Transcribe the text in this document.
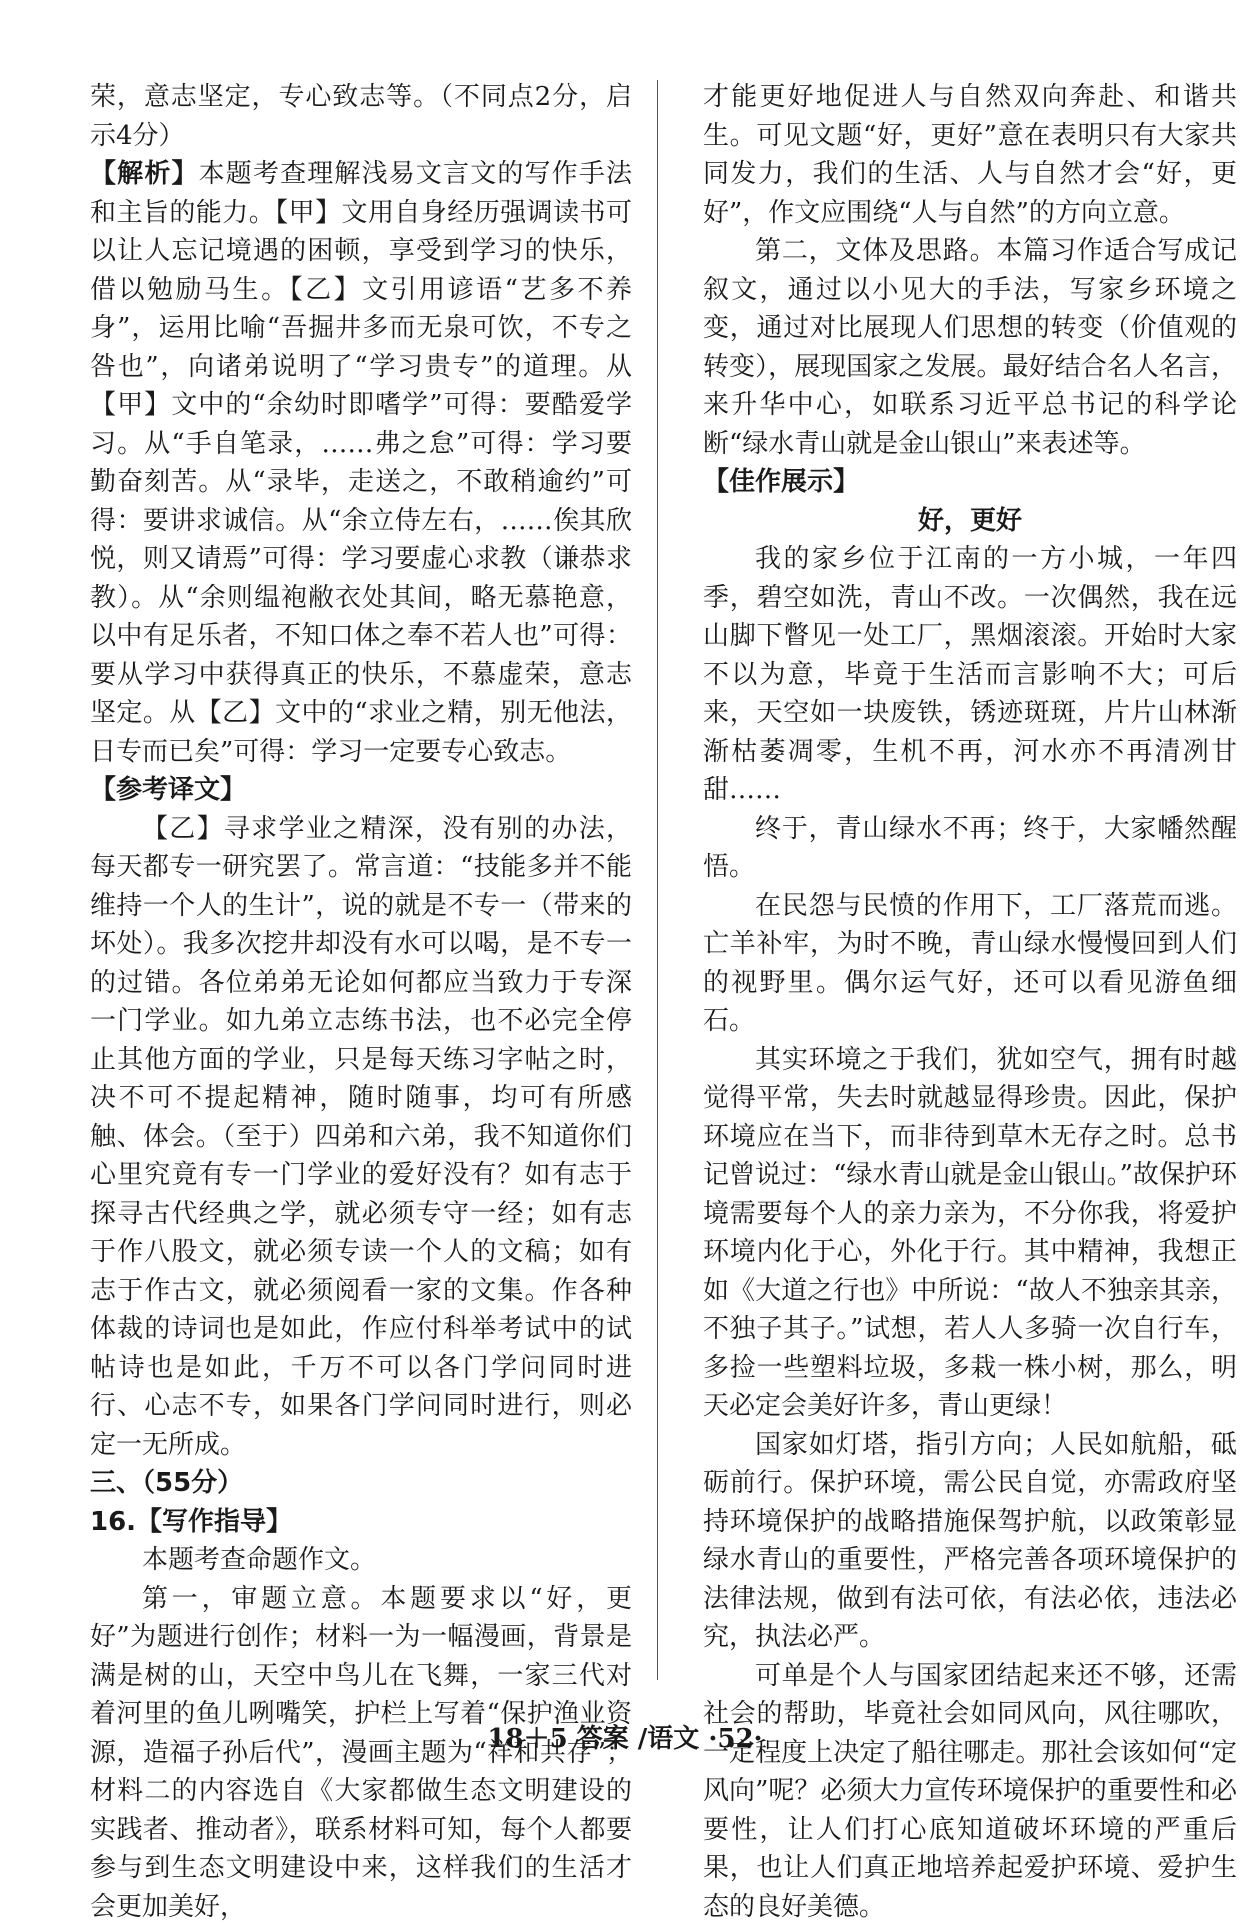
荣，意志坚定，专心致志等。（不同点2分，启示4分）

【解析】本题考查理解浅易文言文的写作手法和主旨的能力。【甲】文用自身经历强调读书可以让人忘记境遇的困顿，享受到学习的快乐，借以勉励马生。【乙】文引用谚语“艺多不养身”，运用比喻“吾掘井多而无泉可饮，不专之咎也”，向诸弟说明了“学习贵专”的道理。从【甲】文中的“余幼时即嗜学”可得：要酷爱学习。从“手自笔录，……弗之怠”可得：学习要勤奋刻苦。从“录毕，走送之，不敢稍逾约”可得：要讲求诚信。从“余立侍左右，……俟其欣悦，则又请焉”可得：学习要虚心求教（谦恭求教）。从“余则缊袍敝衣处其间，略无慕艳意，以中有足乐者，不知口体之奉不若人也”可得：要从学习中获得真正的快乐，不慕虚荣，意志坚定。从【乙】文中的“求业之精，别无他法，日专而已矣”可得：学习一定要专心致志。

【参考译文】

【乙】寻求学业之精深，没有别的办法，每天都专一研究罢了。常言道：“技能多并不能维持一个人的生计”，说的就是不专一（带来的坏处）。我多次挖井却没有水可以喝，是不专一的过错。各位弟弟无论如何都应当致力于专深一门学业。如九弟立志练书法，也不必完全停止其他方面的学业，只是每天练习字帖之时，决不可不提起精神，随时随事，均可有所感触、体会。（至于）四弟和六弟，我不知道你们心里究竟有专一门学业的爱好没有？如有志于探寻古代经典之学，就必须专守一经；如有志于作八股文，就必须专读一个人的文稿；如有志于作古文，就必须阅看一家的文集。作各种体裁的诗词也是如此，作应付科举考试中的试帖诗也是如此，千万不可以各门学问同时进行、心志不专，如果各门学问同时进行，则必定一无所成。

三、（55分）

16.【写作指导】

本题考查命题作文。

第一，审题立意。本题要求以“好，更好”为题进行创作；材料一为一幅漫画，背景是满是树的山，天空中鸟儿在飞舞，一家三代对着河里的鱼儿咧嘴笑，护栏上写着“保护渔业资源，造福子孙后代”，漫画主题为“祥和共存”；材料二的内容选自《大家都做生态文明建设的实践者、推动者》，联系材料可知，每个人都要参与到生态文明建设中来，这样我们的生活才会更加美好，

才能更好地促进人与自然双向奔赴、和谐共生。可见文题“好，更好”意在表明只有大家共同发力，我们的生活、人与自然才会“好，更好”，作文应围绕“人与自然”的方向立意。

第二，文体及思路。本篇习作适合写成记叙文，通过以小见大的手法，写家乡环境之变，通过对比展现人们思想的转变（价值观的转变），展现国家之发展。最好结合名人名言，来升华中心，如联系习近平总书记的科学论断“绿水青山就是金山银山”来表述等。

【佳作展示】

好，更好

我的家乡位于江南的一方小城，一年四季，碧空如洗，青山不改。一次偶然，我在远山脚下瞥见一处工厂，黑烟滚滚。开始时大家不以为意，毕竟于生活而言影响不大；可后来，天空如一块废铁，锈迹斑斑，片片山林渐渐枯萎凋零，生机不再，河水亦不再清冽甘甜……

终于，青山绿水不再；终于，大家幡然醒悟。

在民怨与民愤的作用下，工厂落荒而逃。亡羊补牢，为时不晚，青山绿水慢慢回到人们的视野里。偶尔运气好，还可以看见游鱼细石。

其实环境之于我们，犹如空气，拥有时越觉得平常，失去时就越显得珍贵。因此，保护环境应在当下，而非待到草木无存之时。总书记曾说过：“绿水青山就是金山银山。”故保护环境需要每个人的亲力亲为，不分你我，将爱护环境内化于心，外化于行。其中精神，我想正如《大道之行也》中所说：“故人不独亲其亲，不独子其子。”试想，若人人多骑一次自行车，多捡一些塑料垃圾，多栽一株小树，那么，明天必定会美好许多，青山更绿！

国家如灯塔，指引方向；人民如航船，砥砺前行。保护环境，需公民自觉，亦需政府坚持环境保护的战略措施保驾护航，以政策彰显绿水青山的重要性，严格完善各项环境保护的法律法规，做到有法可依，有法必依，违法必究，执法必严。

可单是个人与国家团结起来还不够，还需社会的帮助，毕竟社会如同风向，风往哪吹，一定程度上决定了船往哪走。那社会该如何“定风向”呢？必须大力宣传环境保护的重要性和必要性，让人们打心底知道破坏环境的严重后果，也让人们真正地培养起爱护环境、爱护生态的良好美德。

18＋5 答案 /语文 ·52·
